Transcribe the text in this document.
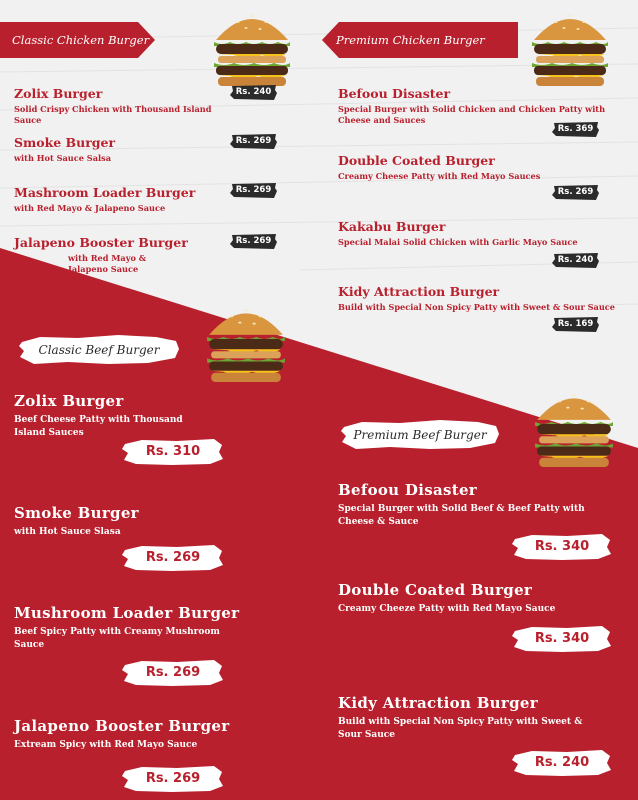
Classic Chicken Burger
Zolix Burger
Solid Crispy Chicken with Thousand Island Sauce
Smoke Burger
with Hot Sauce Salsa
Mashroom Loader Burger
with Red Mayo & Jalapeno Sauce
Jalapeno Booster Burger
with Red Mayo & Jalapeno Sauce
Rs. 240
Rs. 269
Rs. 269
Rs. 269
Premium Chicken Burger
Befoou Disaster
Special Burger with Solid Chicken and Chicken Patty with Cheese and Sauces
Double Coated Burger
Creamy Cheese Patty with Red Mayo Sauces
Kakabu Burger
Special Malai Solid Chicken with Garlic Mayo Sauce
Kidy Attraction Burger
Build with Special Non Spicy Patty with Sweet & Sour Sauce
Rs. 369
Rs. 269
Rs. 240
Rs. 169
Classic Beef Burger
Zolix Burger
Beef Cheese Patty with Thousand Island Sauces
Smoke Burger
with Hot Sauce Slasa
Mushroom Loader Burger
Beef Spicy Patty with Creamy Mushroom Sauce
Jalapeno Booster Burger
Extream Spicy with Red Mayo Sauce
Rs. 310
Rs. 269
Rs. 269
Rs. 269
Premium Beef Burger
Befoou Disaster
Special Burger with Solid Beef & Beef Patty with Cheese & Sauce
Double Coated Burger
Creamy Cheeze Patty with Red Mayo Sauce
Kidy Attraction Burger
Build with Special Non Spicy Patty with Sweet & Sour Sauce
Rs. 340
Rs. 340
Rs. 240
